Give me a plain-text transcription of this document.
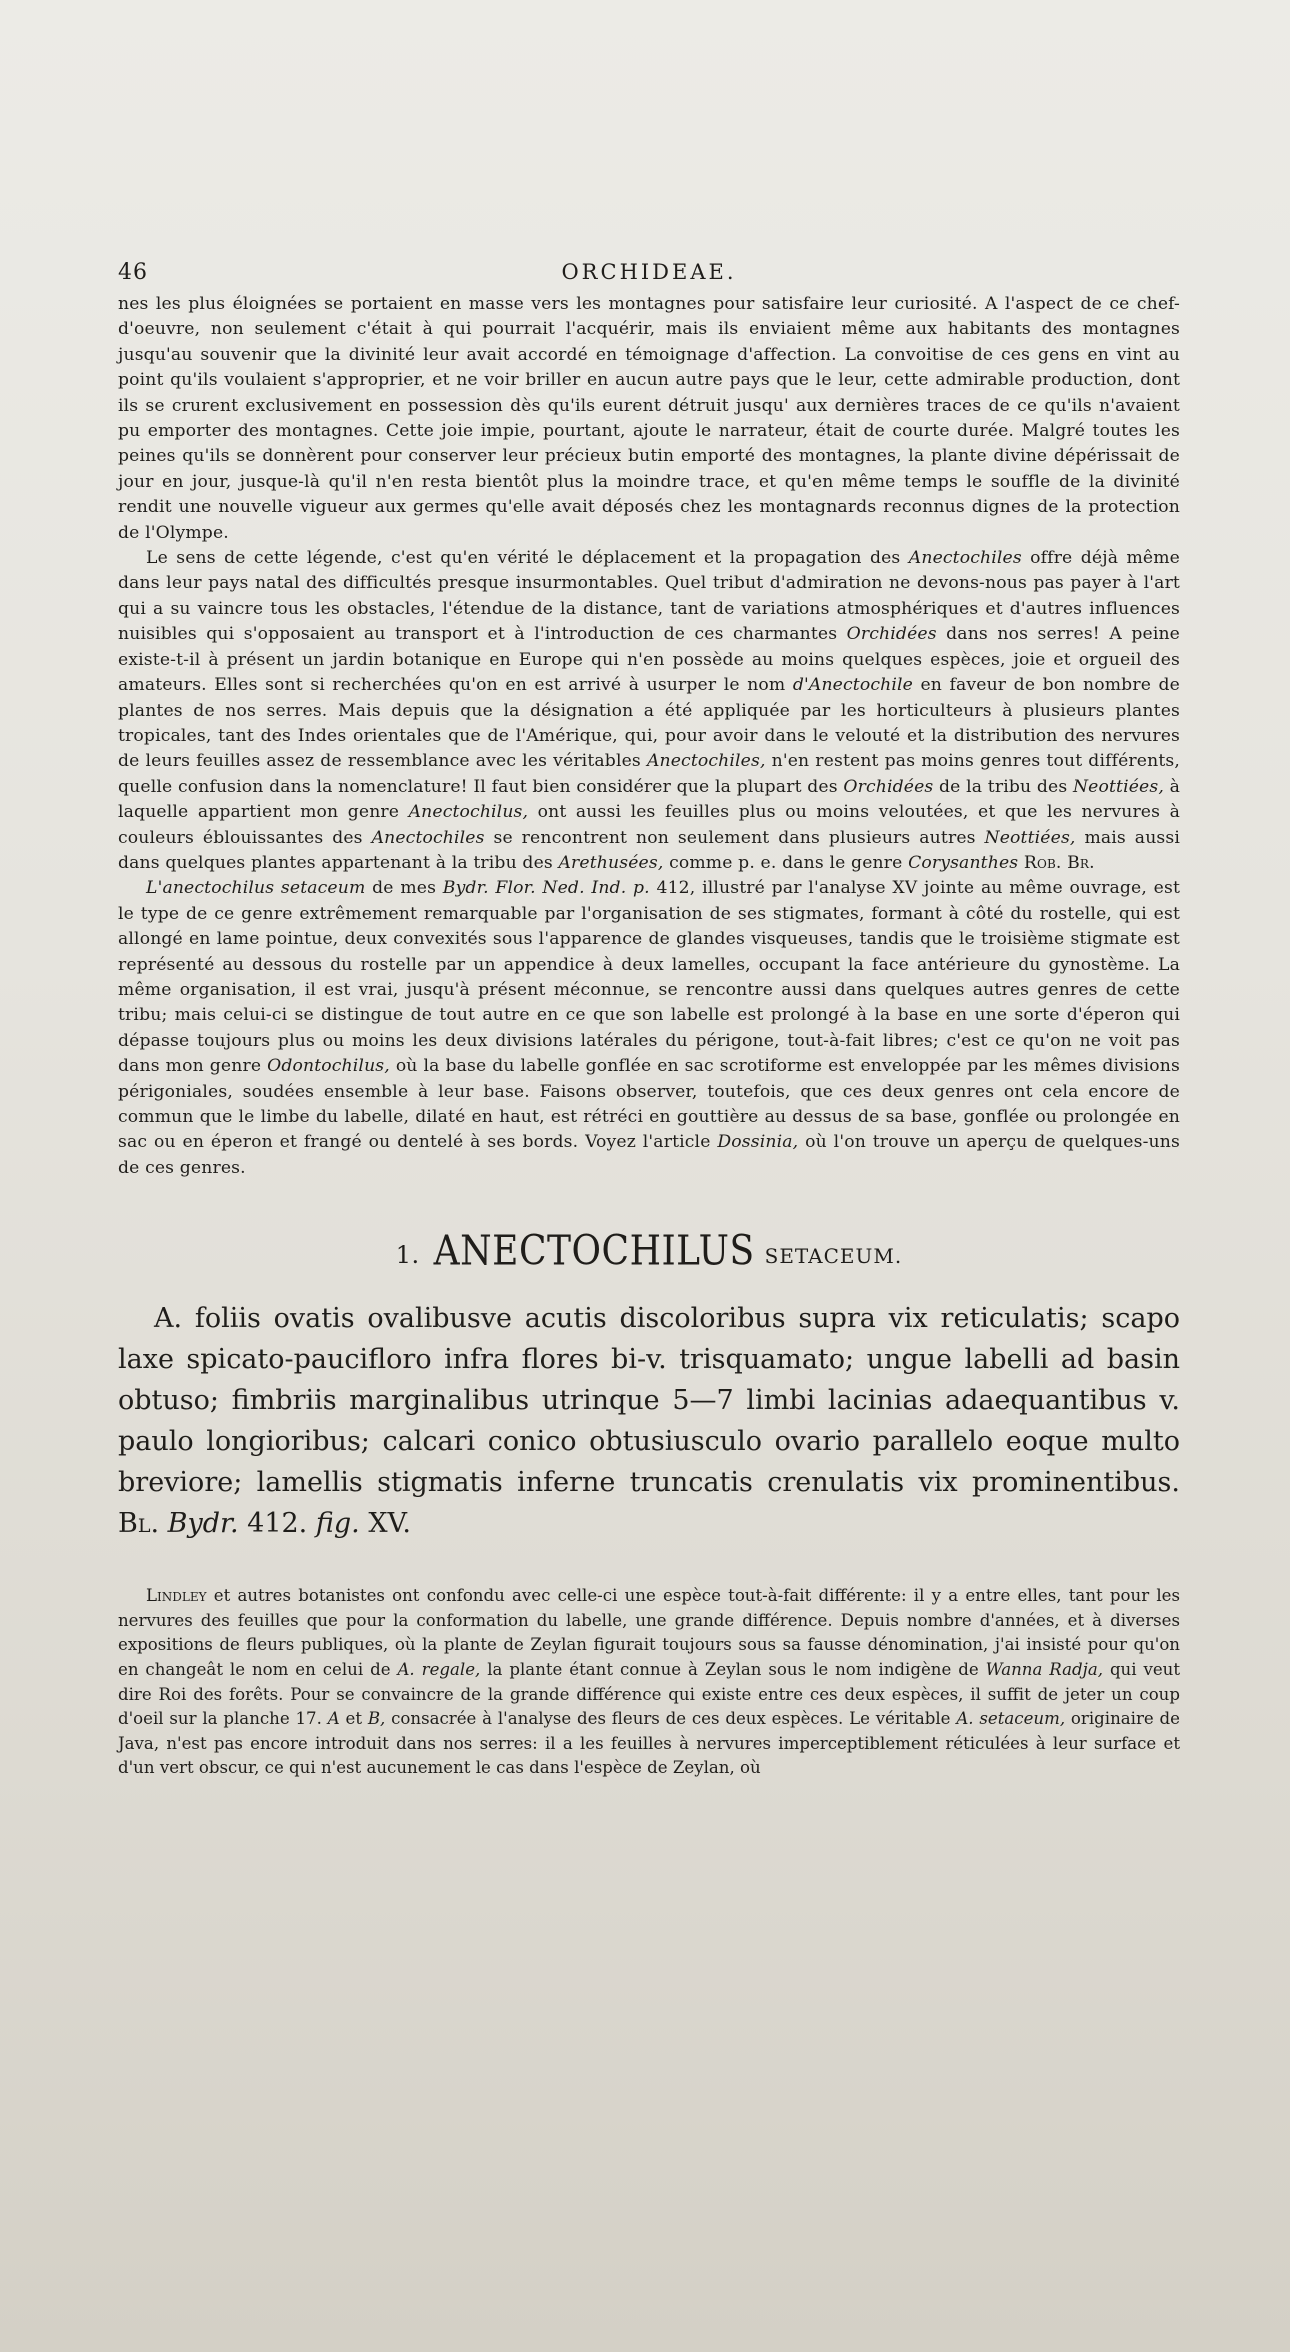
46	ORCHIDEAE.

nes les plus éloignées se portaient en masse vers les montagnes pour satisfaire leur curiosité. A l'aspect de ce chef-d'oeuvre, non seulement c'était à qui pourrait l'acquérir, mais ils enviaient même aux habitants des montagnes jusqu'au souvenir que la divinité leur avait accordé en témoignage d'affection. La convoitise de ces gens en vint au point qu'ils voulaient s'approprier, et ne voir briller en aucun autre pays que le leur, cette admirable production, dont ils se crurent exclusivement en possession dès qu'ils eurent détruit jusqu' aux dernières traces de ce qu'ils n'avaient pu emporter des montagnes. Cette joie impie, pourtant, ajoute le narrateur, était de courte durée. Malgré toutes les peines qu'ils se donnèrent pour conserver leur précieux butin emporté des montagnes, la plante divine dépérissait de jour en jour, jusque-là qu'il n'en resta bientôt plus la moindre trace, et qu'en même temps le souffle de la divinité rendit une nouvelle vigueur aux germes qu'elle avait déposés chez les montagnards reconnus dignes de la protection de l'Olympe.

Le sens de cette légende, c'est qu'en vérité le déplacement et la propagation des Anectochiles offre déjà même dans leur pays natal des difficultés presque insurmontables. Quel tribut d'admiration ne devons-nous pas payer à l'art qui a su vaincre tous les obstacles, l'étendue de la distance, tant de variations atmosphériques et d'autres influences nuisibles qui s'opposaient au transport et à l'introduction de ces charmantes Orchidées dans nos serres! A peine existe-t-il à présent un jardin botanique en Europe qui n'en possède au moins quelques espèces, joie et orgueil des amateurs. Elles sont si recherchées qu'on en est arrivé à usurper le nom d'Anectochile en faveur de bon nombre de plantes de nos serres. Mais depuis que la désignation a été appliquée par les horticulteurs à plusieurs plantes tropicales, tant des Indes orientales que de l'Amérique, qui, pour avoir dans le velouté et la distribution des nervures de leurs feuilles assez de ressemblance avec les véritables Anectochiles, n'en restent pas moins genres tout différents, quelle confusion dans la nomenclature! Il faut bien considérer que la plupart des Orchidées de la tribu des Neottiées, à laquelle appartient mon genre Anectochilus, ont aussi les feuilles plus ou moins veloutées, et que les nervures à couleurs éblouissantes des Anectochiles se rencontrent non seulement dans plusieurs autres Neottiées, mais aussi dans quelques plantes appartenant à la tribu des Arethusées, comme p. e. dans le genre Corysanthes Rob. Br.

L'anectochilus setaceum de mes Bydr. Flor. Ned. Ind. p. 412, illustré par l'analyse XV jointe au même ouvrage, est le type de ce genre extrêmement remarquable par l'organisation de ses stigmates, formant à côté du rostelle, qui est allongé en lame pointue, deux convexités sous l'apparence de glandes visqueuses, tandis que le troisième stigmate est représenté au dessous du rostelle par un appendice à deux lamelles, occupant la face antérieure du gynostème. La même organisation, il est vrai, jusqu'à présent méconnue, se rencontre aussi dans quelques autres genres de cette tribu; mais celui-ci se distingue de tout autre en ce que son labelle est prolongé à la base en une sorte d'éperon qui dépasse toujours plus ou moins les deux divisions latérales du périgone, tout-à-fait libres; c'est ce qu'on ne voit pas dans mon genre Odontochilus, où la base du labelle gonflée en sac scrotiforme est enveloppée par les mêmes divisions périgoniales, soudées ensemble à leur base. Faisons observer, toutefois, que ces deux genres ont cela encore de commun que le limbe du labelle, dilaté en haut, est rétréci en gouttière au dessus de sa base, gonflée ou prolongée en sac ou en éperon et frangé ou dentelé à ses bords. Voyez l'article Dossinia, où l'on trouve un aperçu de quelques-uns de ces genres.

1. ANECTOCHILUS SETACEUM.

A. foliis ovatis ovalibusve acutis discoloribus supra vix reticulatis; scapo laxe spicato-paucifloro infra flores bi-v. trisquamato; ungue labelli ad basin obtuso; fimbriis marginalibus utrinque 5—7 limbi lacinias adaequantibus v. paulo longioribus; calcari conico obtusiusculo ovario parallelo eoque multo breviore; lamellis stigmatis inferne truncatis crenulatis vix prominentibus. Bl. Bydr. 412. fig. XV.

Lindley et autres botanistes ont confondu avec celle-ci une espèce tout-à-fait différente: il y a entre elles, tant pour les nervures des feuilles que pour la conformation du labelle, une grande différence. Depuis nombre d'années, et à diverses expositions de fleurs publiques, où la plante de Zeylan figurait toujours sous sa fausse dénomination, j'ai insisté pour qu'on en changeât le nom en celui de A. regale, la plante étant connue à Zeylan sous le nom indigène de Wanna Radja, qui veut dire Roi des forêts. Pour se convaincre de la grande différence qui existe entre ces deux espèces, il suffit de jeter un coup d'oeil sur la planche 17. A et B, consacrée à l'analyse des fleurs de ces deux espèces. Le véritable A. setaceum, originaire de Java, n'est pas encore introduit dans nos serres: il a les feuilles à nervures imperceptiblement réticulées à leur surface et d'un vert obscur, ce qui n'est aucunement le cas dans l'espèce de Zeylan, où
